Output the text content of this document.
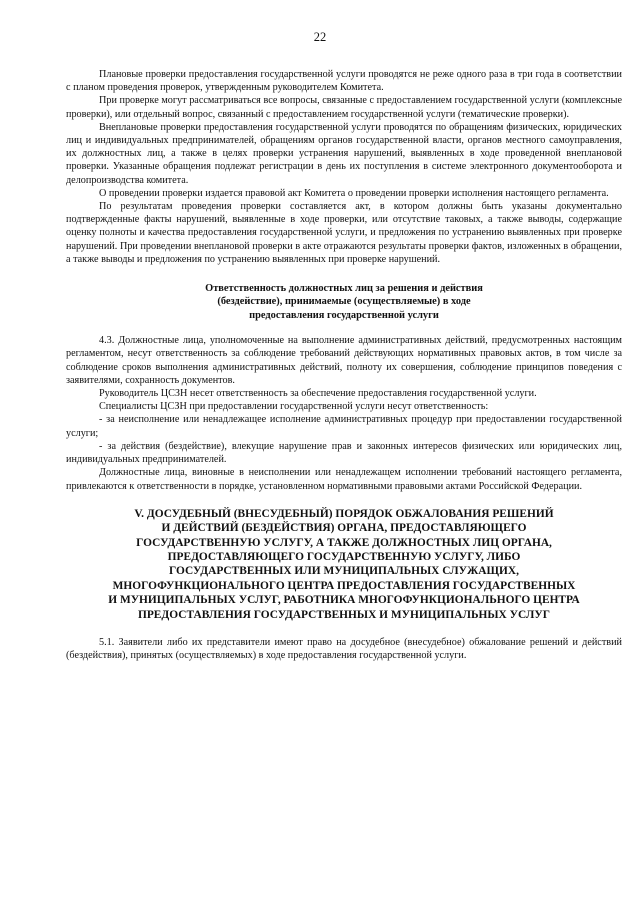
22

Плановые проверки предоставления государственной услуги проводятся не реже одного раза в три года в соответствии с планом проведения проверок, утвержденным руководителем Комитета.

При проверке могут рассматриваться все вопросы, связанные с предоставлением государственной услуги (комплексные проверки), или отдельный вопрос, связанный с предоставлением государственной услуги (тематические проверки).

Внеплановые проверки предоставления государственной услуги проводятся по обращениям физических, юридических лиц и индивидуальных предпринимателей, обращениям органов государственной власти, органов местного самоуправления, их должностных лиц, а также в целях проверки устранения нарушений, выявленных в ходе проведенной внеплановой проверки. Указанные обращения подлежат регистрации в день их поступления в системе электронного документооборота и делопроизводства комитета.

О проведении проверки издается правовой акт Комитета о проведении проверки исполнения настоящего регламента.

По результатам проведения проверки составляется акт, в котором должны быть указаны документально подтвержденные факты нарушений, выявленные в ходе проверки, или отсутствие таковых, а также выводы, содержащие оценку полноты и качества предоставления государственной услуги, и предложения по устранению выявленных при проверке нарушений. При проведении внеплановой проверки в акте отражаются результаты проверки фактов, изложенных в обращении, а также выводы и предложения по устранению выявленных при проверке нарушений.

Ответственность должностных лиц за решения и действия
(бездействие), принимаемые (осуществляемые) в ходе
предоставления государственной услуги

4.3. Должностные лица, уполномоченные на выполнение административных действий, предусмотренных настоящим регламентом, несут ответственность за соблюдение требований действующих нормативных правовых актов, в том числе за соблюдение сроков выполнения административных действий, полноту их совершения, соблюдение принципов поведения с заявителями, сохранность документов.

Руководитель ЦСЗН несет ответственность за обеспечение предоставления государственной услуги.

Специалисты ЦСЗН при предоставлении государственной услуги несут ответственность:

- за неисполнение или ненадлежащее исполнение административных процедур при предоставлении государственной услуги;

- за действия (бездействие), влекущие нарушение прав и законных интересов физических или юридических лиц, индивидуальных предпринимателей.

Должностные лица, виновные в неисполнении или ненадлежащем исполнении требований настоящего регламента, привлекаются к ответственности в порядке, установленном нормативными правовыми актами Российской Федерации.

V. ДОСУДЕБНЫЙ (ВНЕСУДЕБНЫЙ) ПОРЯДОК ОБЖАЛОВАНИЯ РЕШЕНИЙ
И ДЕЙСТВИЙ (БЕЗДЕЙСТВИЯ) ОРГАНА, ПРЕДОСТАВЛЯЮЩЕГО
ГОСУДАРСТВЕННУЮ УСЛУГУ, А ТАКЖЕ ДОЛЖНОСТНЫХ ЛИЦ ОРГАНА,
ПРЕДОСТАВЛЯЮЩЕГО ГОСУДАРСТВЕННУЮ УСЛУГУ, ЛИБО
ГОСУДАРСТВЕННЫХ ИЛИ МУНИЦИПАЛЬНЫХ СЛУЖАЩИХ,
МНОГОФУНКЦИОНАЛЬНОГО ЦЕНТРА ПРЕДОСТАВЛЕНИЯ ГОСУДАРСТВЕННЫХ
И МУНИЦИПАЛЬНЫХ УСЛУГ, РАБОТНИКА МНОГОФУНКЦИОНАЛЬНОГО ЦЕНТРА
ПРЕДОСТАВЛЕНИЯ ГОСУДАРСТВЕННЫХ И МУНИЦИПАЛЬНЫХ УСЛУГ

5.1. Заявители либо их представители имеют право на досудебное (внесудебное) обжалование решений и действий (бездействия), принятых (осуществляемых) в ходе предоставления государственной услуги.
